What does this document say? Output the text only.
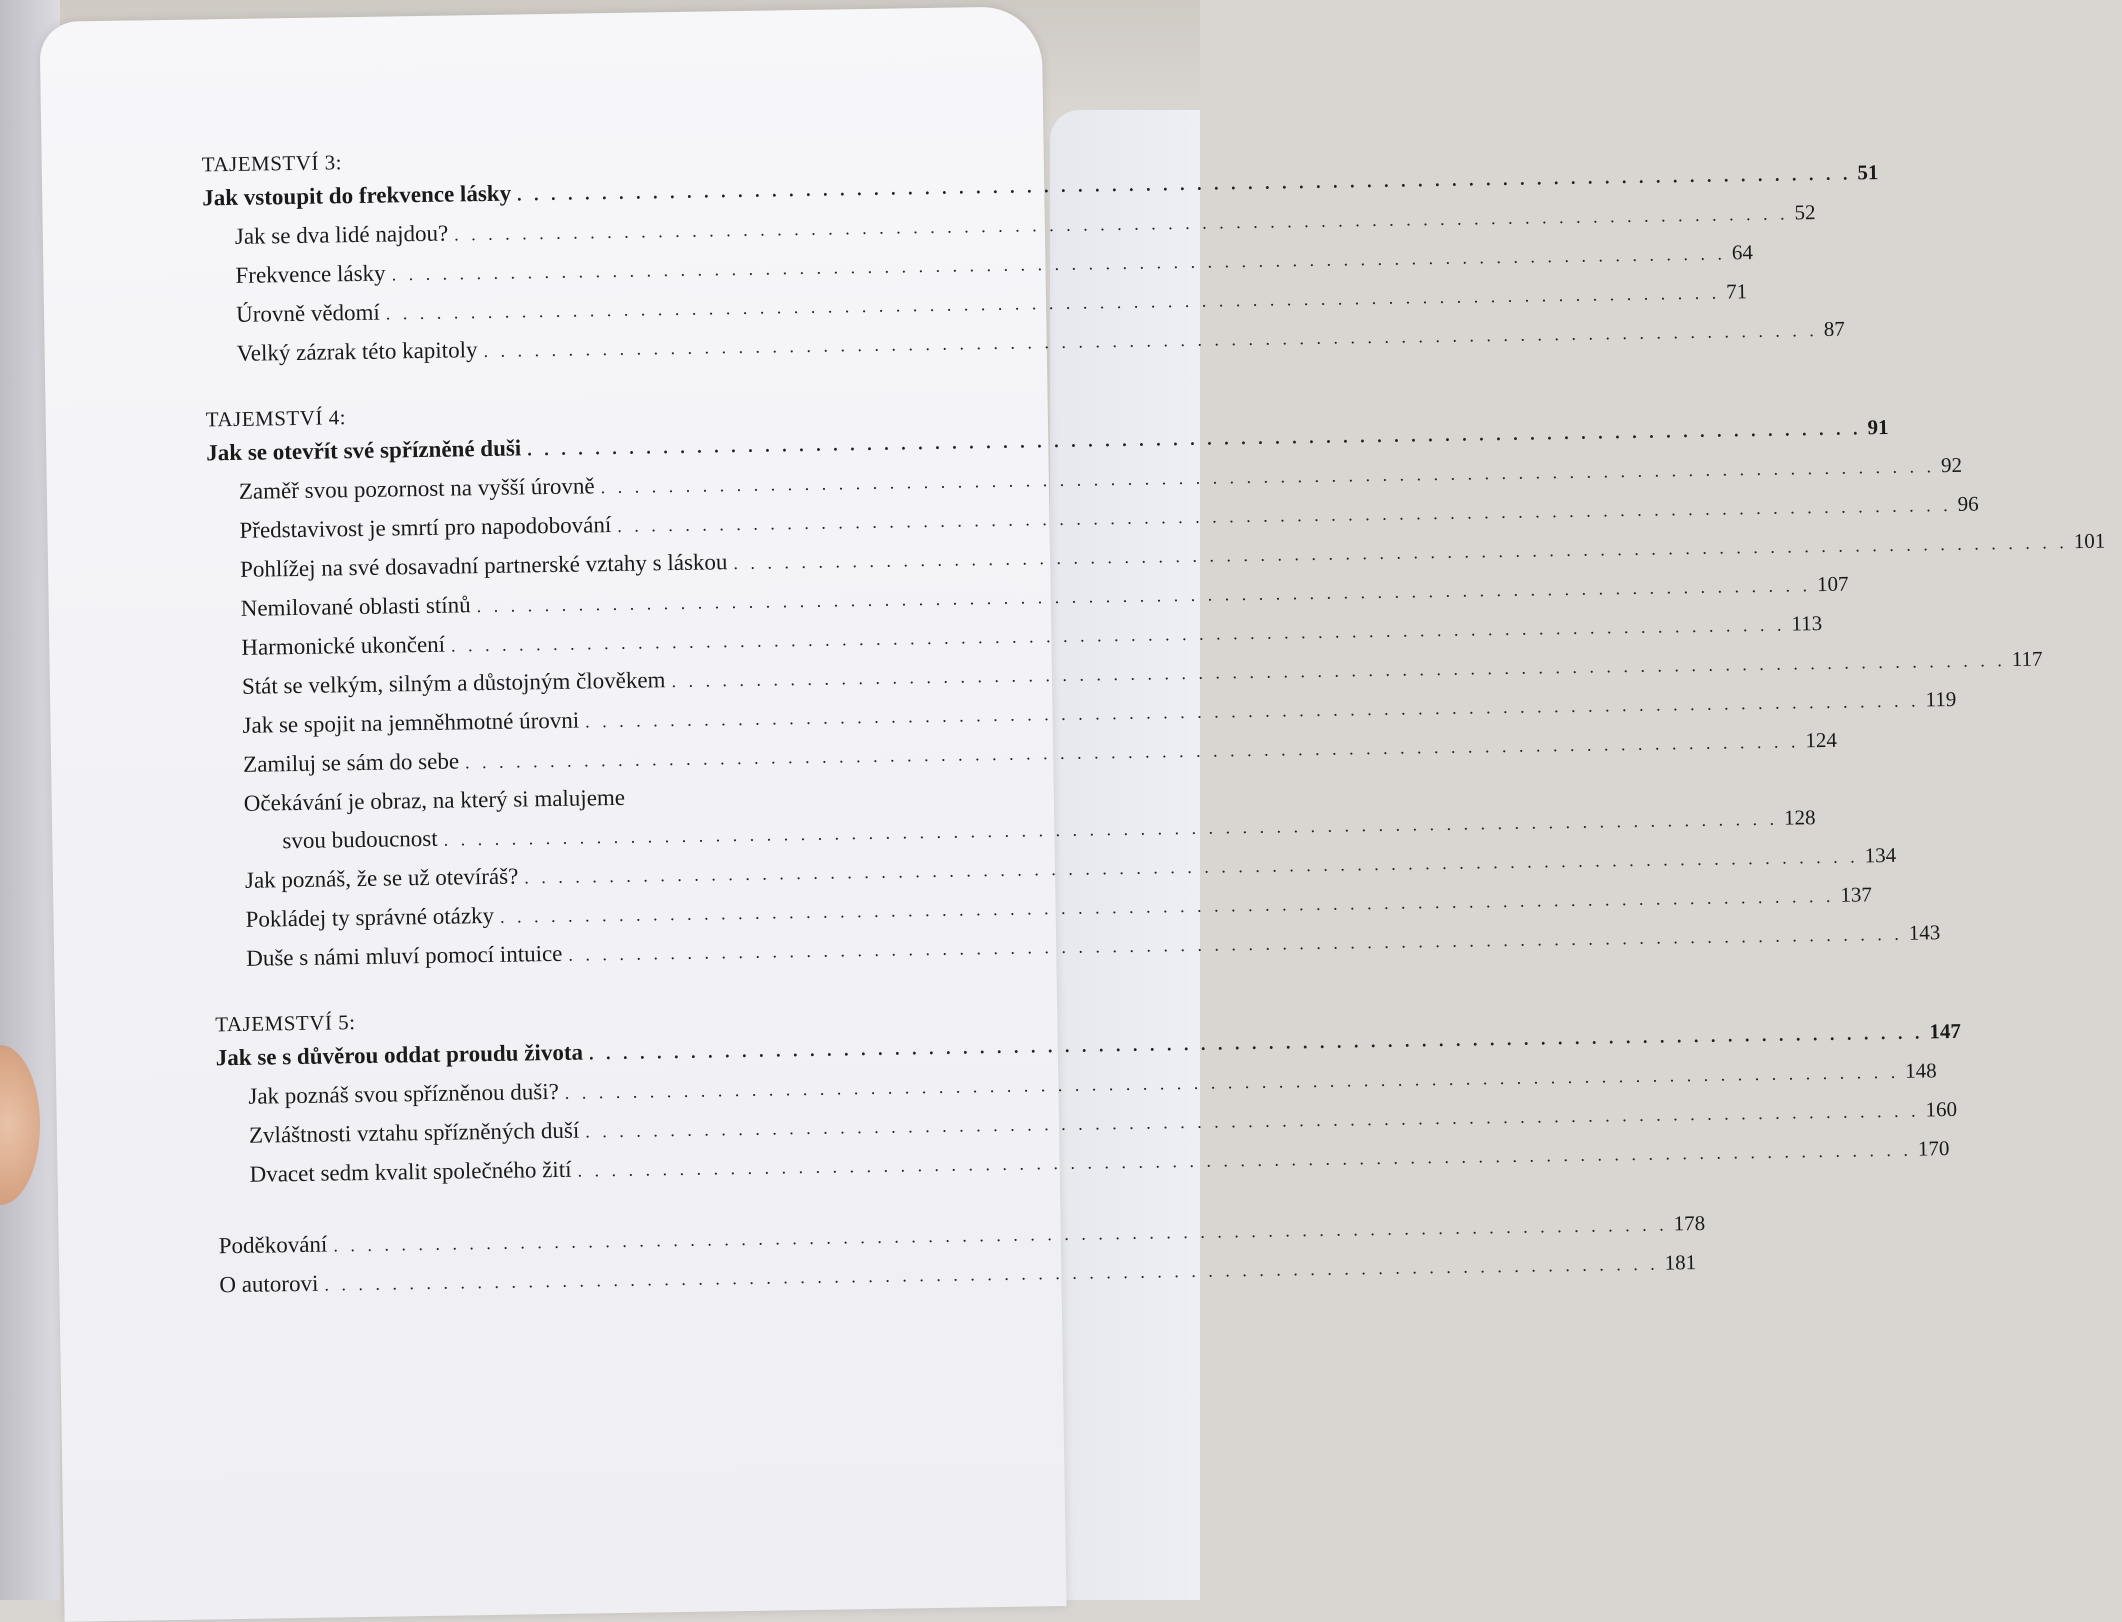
TAJEMSTVÍ 3:

Jak vstoupit do frekvence lásky . . . . . . . . . . . . . . . . . . . . . . . . . . . . . . . . . . . . . . . . . . . . . . . . . . . . . . . . . . . . . . . . . . . . . . . . . . . . . . . 51
Jak se dva lidé najdou? . . . . . . . . . . . . . . . . . . . . . . . . . . . . . . . . . . . . . . . . . . . . . . . . . . . . . . . . . . . . . . . . . . . . . . . . . . . . . . . 52
Frekvence lásky . . . . . . . . . . . . . . . . . . . . . . . . . . . . . . . . . . . . . . . . . . . . . . . . . . . . . . . . . . . . . . . . . . . . . . . . . . . . . . . 64
Úrovně vědomí . . . . . . . . . . . . . . . . . . . . . . . . . . . . . . . . . . . . . . . . . . . . . . . . . . . . . . . . . . . . . . . . . . . . . . . . . . . . . . . 71
Velký zázrak této kapitoly . . . . . . . . . . . . . . . . . . . . . . . . . . . . . . . . . . . . . . . . . . . . . . . . . . . . . . . . . . . . . . . . . . . . . . . . . . . . . . . 87

TAJEMSTVÍ 4:

Jak se otevřít své spřízněné duši . . . . . . . . . . . . . . . . . . . . . . . . . . . . . . . . . . . . . . . . . . . . . . . . . . . . . . . . . . . . . . . . . . . . . . . . . . . . . . . 91
Zaměř svou pozornost na vyšší úrovně . . . . . . . . . . . . . . . . . . . . . . . . . . . . . . . . . . . . . . . . . . . . . . . . . . . . . . . . . . . . . . . . . . . . . . . . . . . . . . . 92
Představivost je smrtí pro napodobování . . . . . . . . . . . . . . . . . . . . . . . . . . . . . . . . . . . . . . . . . . . . . . . . . . . . . . . . . . . . . . . . . . . . . . . . . . . . . . . 96
Pohlížej na své dosavadní partnerské vztahy s láskou . . . . . . . . . . . . . . . . . . . . . . . . . . . . . . . . . . . . . . . . . . . . . . . . . . . . . . . . . . . . . . . . . . . . . . . . . . . . . . . 101
Nemilované oblasti stínů . . . . . . . . . . . . . . . . . . . . . . . . . . . . . . . . . . . . . . . . . . . . . . . . . . . . . . . . . . . . . . . . . . . . . . . . . . . . . . . 107
Harmonické ukončení . . . . . . . . . . . . . . . . . . . . . . . . . . . . . . . . . . . . . . . . . . . . . . . . . . . . . . . . . . . . . . . . . . . . . . . . . . . . . . . 113
Stát se velkým, silným a důstojným člověkem . . . . . . . . . . . . . . . . . . . . . . . . . . . . . . . . . . . . . . . . . . . . . . . . . . . . . . . . . . . . . . . . . . . . . . . . . . . . . . . 117
Jak se spojit na jemněhmotné úrovni . . . . . . . . . . . . . . . . . . . . . . . . . . . . . . . . . . . . . . . . . . . . . . . . . . . . . . . . . . . . . . . . . . . . . . . . . . . . . . . 119
Zamiluj se sám do sebe . . . . . . . . . . . . . . . . . . . . . . . . . . . . . . . . . . . . . . . . . . . . . . . . . . . . . . . . . . . . . . . . . . . . . . . . . . . . . . . 124
Očekávání je obraz, na který si malujeme
svou budoucnost . . . . . . . . . . . . . . . . . . . . . . . . . . . . . . . . . . . . . . . . . . . . . . . . . . . . . . . . . . . . . . . . . . . . . . . . . . . . . . . 128
Jak poznáš, že se už otevíráš? . . . . . . . . . . . . . . . . . . . . . . . . . . . . . . . . . . . . . . . . . . . . . . . . . . . . . . . . . . . . . . . . . . . . . . . . . . . . . . . 134
Pokládej ty správné otázky . . . . . . . . . . . . . . . . . . . . . . . . . . . . . . . . . . . . . . . . . . . . . . . . . . . . . . . . . . . . . . . . . . . . . . . . . . . . . . . 137
Duše s námi mluví pomocí intuice . . . . . . . . . . . . . . . . . . . . . . . . . . . . . . . . . . . . . . . . . . . . . . . . . . . . . . . . . . . . . . . . . . . . . . . . . . . . . . . 143

TAJEMSTVÍ 5:

Jak se s důvěrou oddat proudu života . . . . . . . . . . . . . . . . . . . . . . . . . . . . . . . . . . . . . . . . . . . . . . . . . . . . . . . . . . . . . . . . . . . . . . . . . . . . . . . 147
Jak poznáš svou spřízněnou duši? . . . . . . . . . . . . . . . . . . . . . . . . . . . . . . . . . . . . . . . . . . . . . . . . . . . . . . . . . . . . . . . . . . . . . . . . . . . . . . . 148
Zvláštnosti vztahu spřízněných duší . . . . . . . . . . . . . . . . . . . . . . . . . . . . . . . . . . . . . . . . . . . . . . . . . . . . . . . . . . . . . . . . . . . . . . . . . . . . . . . 160
Dvacet sedm kvalit společného žití . . . . . . . . . . . . . . . . . . . . . . . . . . . . . . . . . . . . . . . . . . . . . . . . . . . . . . . . . . . . . . . . . . . . . . . . . . . . . . . 170
Poděkování . . . . . . . . . . . . . . . . . . . . . . . . . . . . . . . . . . . . . . . . . . . . . . . . . . . . . . . . . . . . . . . . . . . . . . . . . . . . . . . 178
O autorovi . . . . . . . . . . . . . . . . . . . . . . . . . . . . . . . . . . . . . . . . . . . . . . . . . . . . . . . . . . . . . . . . . . . . . . . . . . . . . . . 181
